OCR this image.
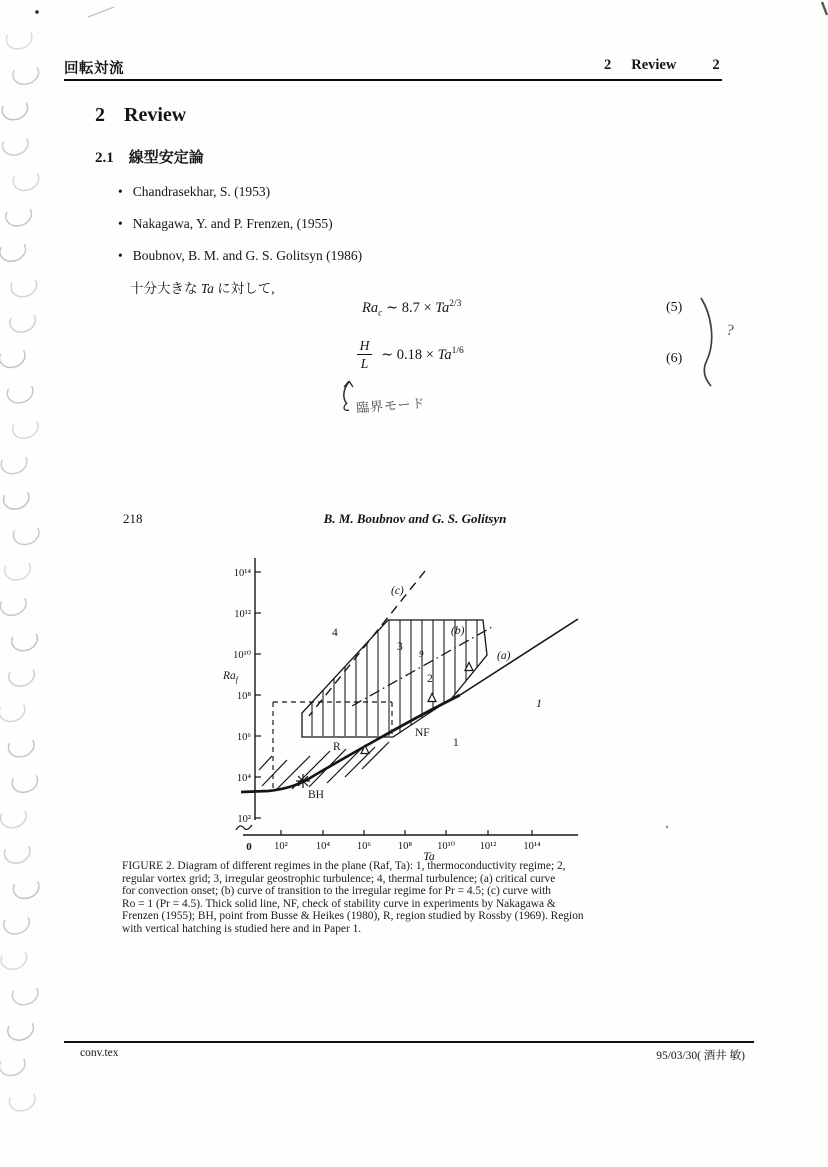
?
10²
10⁴
10⁶
10⁸
10¹⁰
10¹²
10¹⁴
$Ra_f$
0 10²	10⁴	10⁶	10⁸ 10¹⁰ 10¹²	10¹⁴
Ta
9
4
3
2
1
1
(a)
(b)
(c)
NF
R
BH
回転対流	2 Review 2
2 Review
2.1 線型安定論
• Chandrasekhar, S. (1953)
• Nakagawa, Y. and P. Frenzen, (1955)
• Boubnov, B. M. and G. S. Golitsyn (1986)
十分大きな Ta に対して,
$Ra_c$ ∼ $8.7 \times Ta^{2/3}$	(5)
$\frac{H}{L}$ ∼ $0.18 \times Ta^{1/6}$
(6)
臨界モード
218	B. M. Boubnov and G. S. Golitsyn
FIGURE 2. Diagram of different regimes in the plane (Raf, Ta): 1, thermoconductivity regime; 2,
regular vortex grid; 3, irregular geostrophic turbulence; 4, thermal turbulence; (a) critical curve
for convection onset; (b) curve of transition to the irregular regime for Pr = 4.5; (c) curve with
Ro = 1 (Pr = 4.5). Thick solid line, NF, check of stability curve in experiments by Nakagawa &
Frenzen (1955); BH, point from Busse & Heikes (1980), R, region studied by Rossby (1969). Region
with vertical hatching is studied here and in Paper 1.
conv.tex	95/03/30( 酒井 敏)
